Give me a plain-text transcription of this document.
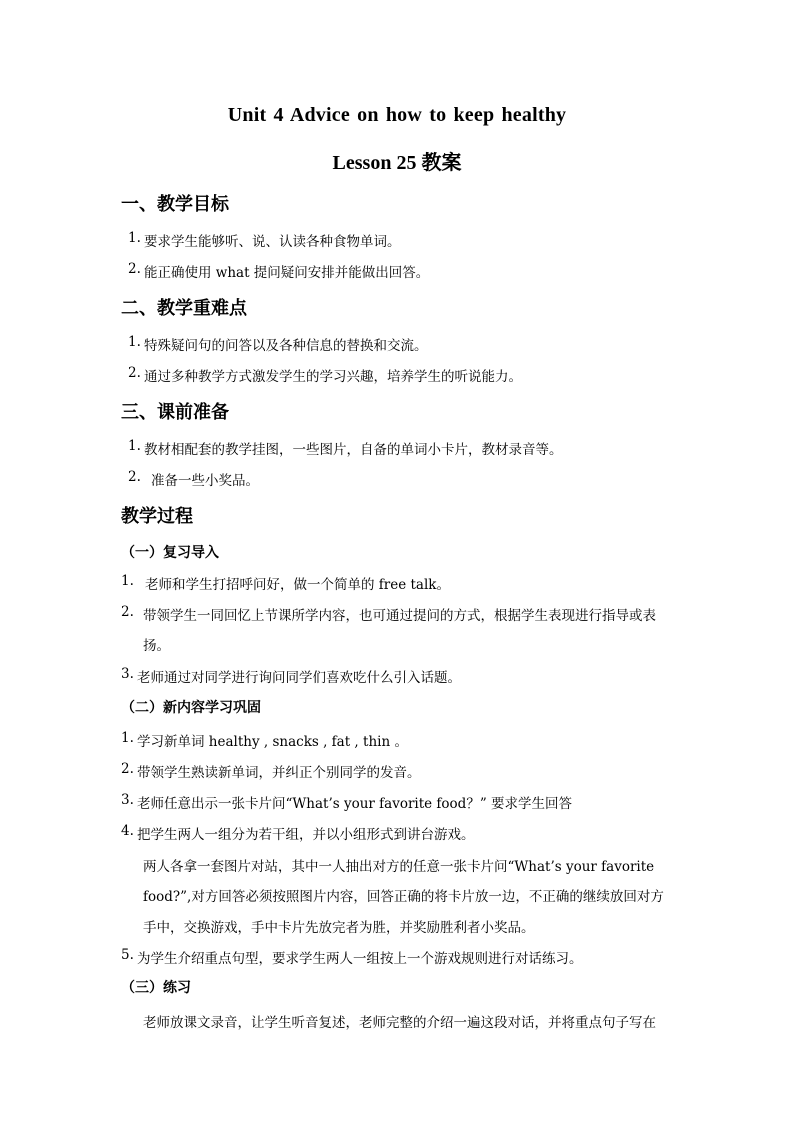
Unit 4 Advice on how to keep healthy
Lesson 25 教案
一、教学目标
1. 要求学生能够听、说、认读各种食物单词。
2. 能正确使用 what 提问疑问安排并能做出回答。
二、教学重难点
1. 特殊疑问句的问答以及各种信息的替换和交流。
2. 通过多种教学方式激发学生的学习兴趣，培养学生的听说能力。
三、课前准备
1. 教材相配套的教学挂图，一些图片，自备的单词小卡片，教材录音等。
2. 准备一些小奖品。
教学过程
（一）复习导入
1. 老师和学生打招呼问好，做一个简单的 free talk。
2. 带领学生一同回忆上节课所学内容，也可通过提问的方式，根据学生表现进行指导或表
扬。
3. 老师通过对同学进行询问同学们喜欢吃什么引入话题。
（二）新内容学习巩固
1. 学习新单词 healthy , snacks , fat , thin 。
2. 带领学生熟读新单词，并纠正个别同学的发音。
3. 老师任意出示一张卡片问“What’s your favorite food？” 要求学生回答
4. 把学生两人一组分为若干组，并以小组形式到讲台游戏。
两人各拿一套图片对站，其中一人抽出对方的任意一张卡片问“What’s your favorite
food?”,对方回答必须按照图片内容，回答正确的将卡片放一边，不正确的继续放回对方
手中，交换游戏，手中卡片先放完者为胜，并奖励胜利者小奖品。
5. 为学生介绍重点句型，要求学生两人一组按上一个游戏规则进行对话练习。
（三）练习
老师放课文录音，让学生听音复述，老师完整的介绍一遍这段对话，并将重点句子写在
